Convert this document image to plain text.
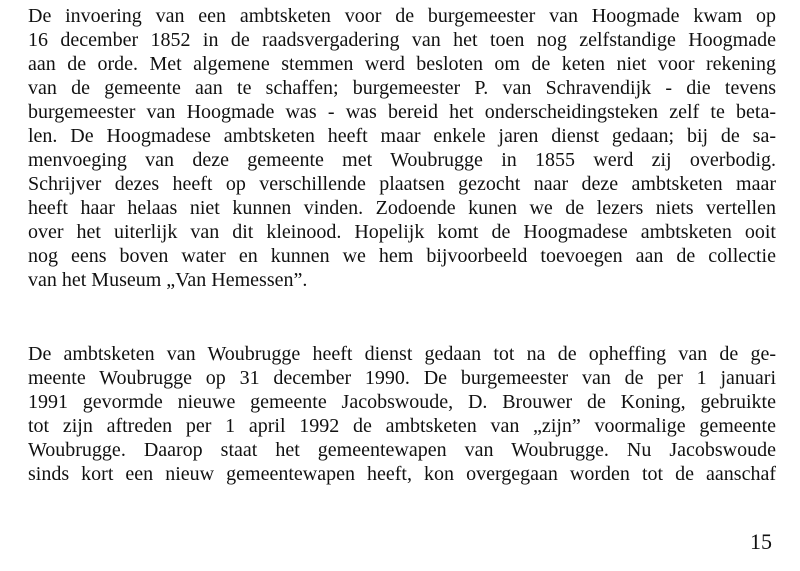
De invoering van een ambtsketen voor de burgemeester van Hoogmade kwam op
16 december 1852 in de raadsvergadering van het toen nog zelfstandige Hoogmade
aan de orde. Met algemene stemmen werd besloten om de keten niet voor rekening
van de gemeente aan te schaffen; burgemeester P. van Schravendijk - die tevens
burgemeester van Hoogmade was - was bereid het onderscheidingsteken zelf te beta-
len. De Hoogmadese ambtsketen heeft maar enkele jaren dienst gedaan; bij de sa-
menvoeging van deze gemeente met Woubrugge in 1855 werd zij overbodig.
Schrijver dezes heeft op verschillende plaatsen gezocht naar deze ambtsketen maar
heeft haar helaas niet kunnen vinden. Zodoende kunen we de lezers niets vertellen
over het uiterlijk van dit kleinood. Hopelijk komt de Hoogmadese ambtsketen ooit
nog eens boven water en kunnen we hem bijvoorbeeld toevoegen aan de collectie
van het Museum „Van Hemessen”.
De ambtsketen van Woubrugge heeft dienst gedaan tot na de opheffing van de ge-
meente Woubrugge op 31 december 1990. De burgemeester van de per 1 januari
1991 gevormde nieuwe gemeente Jacobswoude, D. Brouwer de Koning, gebruikte
tot zijn aftreden per 1 april 1992 de ambtsketen van „zijn” voormalige gemeente
Woubrugge. Daarop staat het gemeentewapen van Woubrugge. Nu Jacobswoude
sinds kort een nieuw gemeentewapen heeft, kon overgegaan worden tot de aanschaf
15
